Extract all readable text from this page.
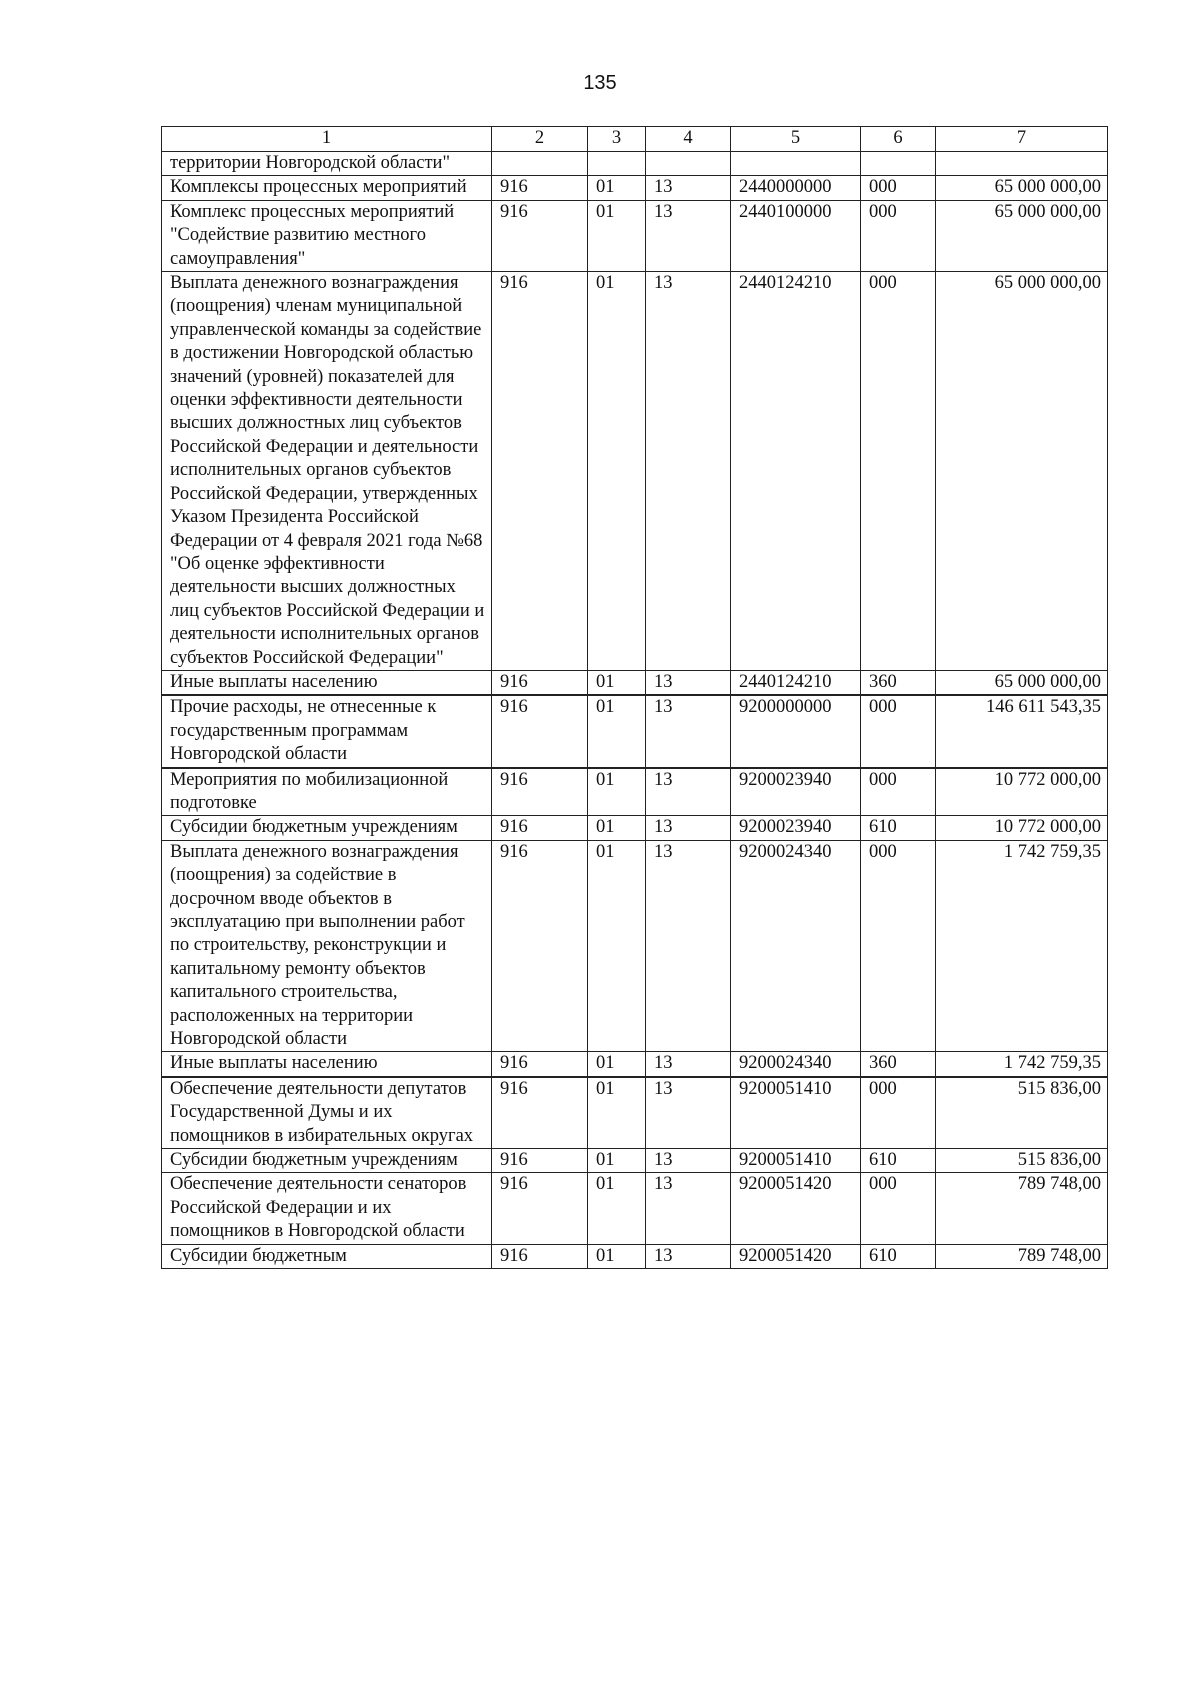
135
1	2	3	4	5	6	7
территории Новгородской области"						
Комплексы процессных мероприятий	916	01	13	2440000000	000	65 000 000,00
Комплекс процессных мероприятий "Содействие развитию местного самоуправления"	916	01	13	2440100000	000	65 000 000,00
Выплата денежного вознаграждения (поощрения) членам муниципальной управленческой команды за содействие в достижении Новгородской областью значений (уровней) показателей для оценки эффективности деятельности высших должностных лиц субъектов Российской Федерации и деятельности исполнительных органов субъектов Российской Федерации, утвержденных Указом Президента Российской Федерации от 4 февраля 2021 года №68 "Об оценке эффективности деятельности высших должностных лиц субъектов Российской Федерации и деятельности исполнительных органов субъектов Российской Федерации"	916	01	13	2440124210	000	65 000 000,00
Иные выплаты населению	916	01	13	2440124210	360	65 000 000,00
Прочие расходы, не отнесенные к государственным программам Новгородской области	916	01	13	9200000000	000	146 611 543,35
Мероприятия по мобилизационной подготовке	916	01	13	9200023940	000	10 772 000,00
Субсидии бюджетным учреждениям	916	01	13	9200023940	610	10 772 000,00
Выплата денежного вознаграждения (поощрения) за содействие в досрочном вводе объектов в эксплуатацию при выполнении работ по строительству, реконструкции и капитальному ремонту объектов капитального строительства, расположенных на территории Новгородской области	916	01	13	9200024340	000	1 742 759,35
Иные выплаты населению	916	01	13	9200024340	360	1 742 759,35
Обеспечение деятельности депутатов Государственной Думы и их помощников в избирательных округах	916	01	13	9200051410	000	515 836,00
Субсидии бюджетным учреждениям	916	01	13	9200051410	610	515 836,00
Обеспечение деятельности сенаторов Российской Федерации и их помощников в Новгородской области	916	01	13	9200051420	000	789 748,00
Субсидии бюджетным	916	01	13	9200051420	610	789 748,00
